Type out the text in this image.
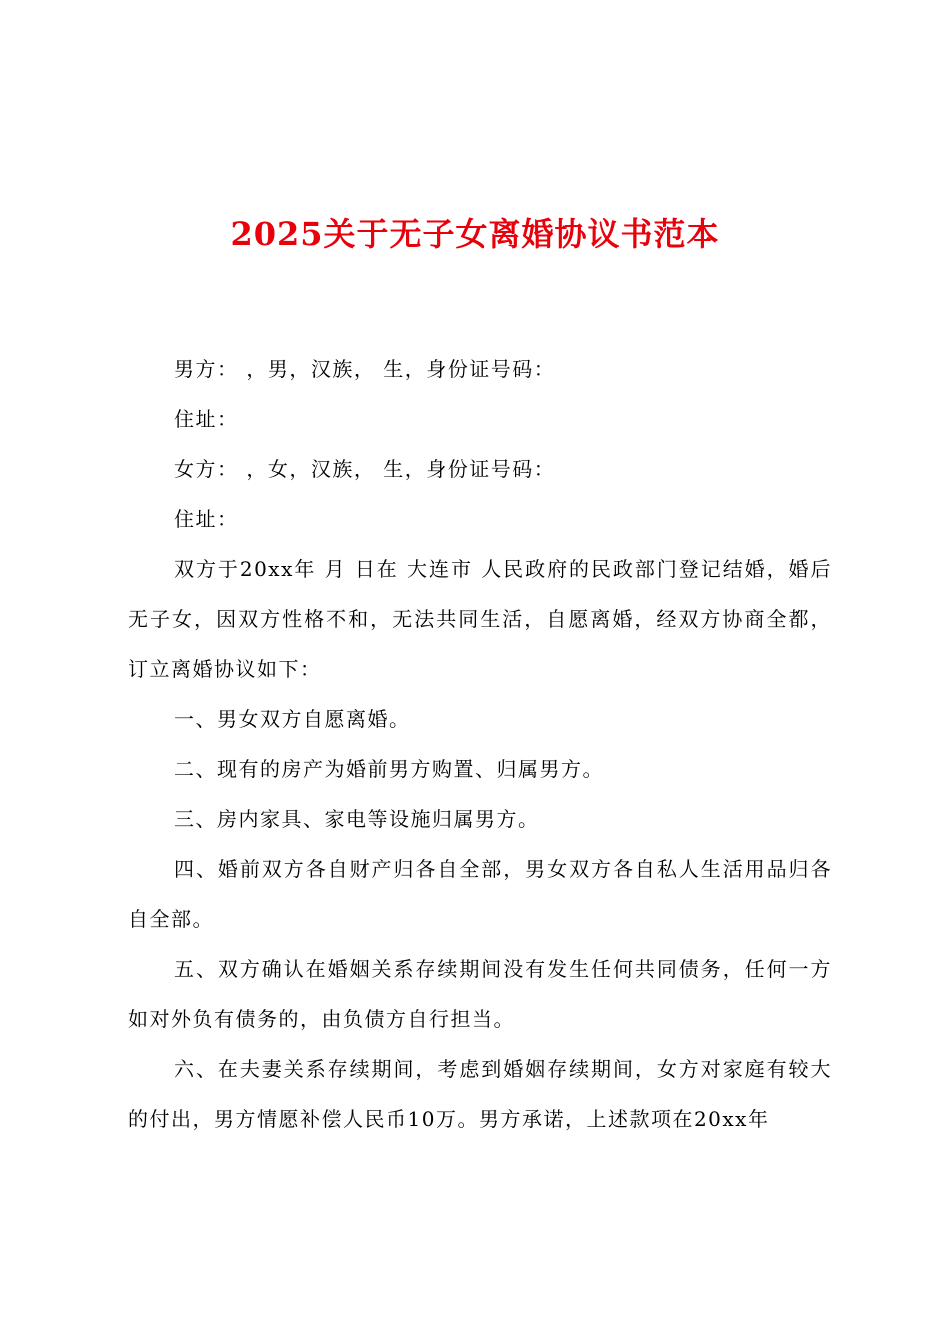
2025关于无子女离婚协议书范本

男方： ，男，汉族， 生，身份证号码：

住址：

女方： ，女，汉族， 生，身份证号码：

住址：

双方于20xx年 月 日在 大连市 人民政府的民政部门登记结婚，婚后无子女，因双方性格不和，无法共同生活，自愿离婚，经双方协商全都，订立离婚协议如下：

一、男女双方自愿离婚。

二、现有的房产为婚前男方购置、归属男方。

三、房内家具、家电等设施归属男方。

四、婚前双方各自财产归各自全部，男女双方各自私人生活用品归各自全部。

五、双方确认在婚姻关系存续期间没有发生任何共同债务，任何一方如对外负有债务的，由负债方自行担当。

六、在夫妻关系存续期间，考虑到婚姻存续期间，女方对家庭有较大的付出，男方情愿补偿人民币10万。男方承诺，上述款项在20xx年
